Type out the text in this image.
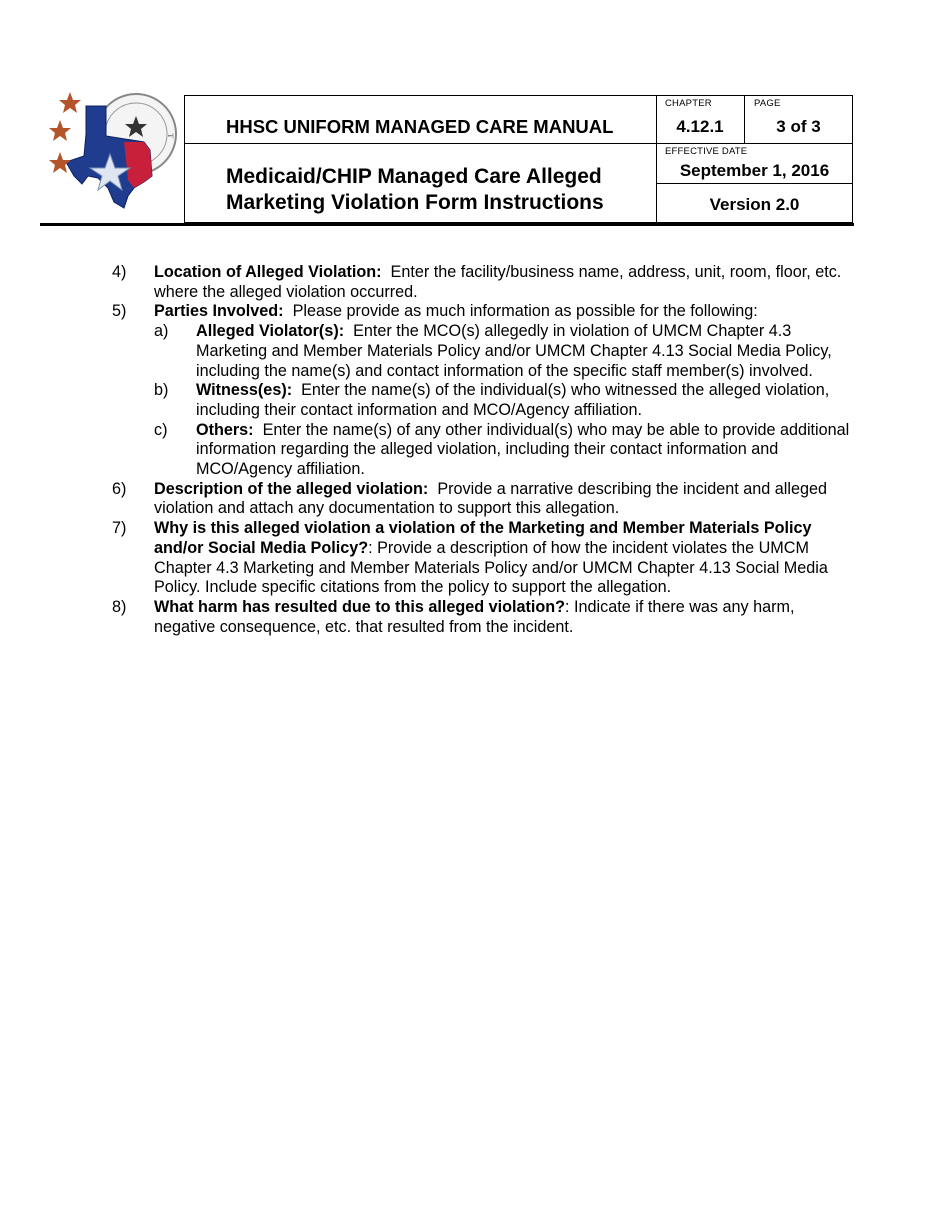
T	HHSC UNIFORM MANAGED CARE MANUAL
Medicaid/CHIP Managed Care Alleged
Marketing Violation Form Instructions
CHAPTER
4.12.1
PAGE
3 of 3
EFFECTIVE DATE
September 1, 2016
Version 2.0
4) Location of Alleged Violation: Enter the facility/business name, address, unit, room, floor, etc. where the alleged violation occurred.
5) Parties Involved: Please provide as much information as possible for the following:
a) Alleged Violator(s): Enter the MCO(s) allegedly in violation of UMCM Chapter 4.3 Marketing and Member Materials Policy and/or UMCM Chapter 4.13 Social Media Policy, including the name(s) and contact information of the specific staff member(s) involved.
b) Witness(es): Enter the name(s) of the individual(s) who witnessed the alleged violation, including their contact information and MCO/Agency affiliation.
c) Others: Enter the name(s) of any other individual(s) who may be able to provide additional information regarding the alleged violation, including their contact information and MCO/Agency affiliation.
6) Description of the alleged violation: Provide a narrative describing the incident and alleged violation and attach any documentation to support this allegation.
7) Why is this alleged violation a violation of the Marketing and Member Materials Policy and/or Social Media Policy?: Provide a description of how the incident violates the UMCM Chapter 4.3 Marketing and Member Materials Policy and/or UMCM Chapter 4.13 Social Media Policy. Include specific citations from the policy to support the allegation.
8) What harm has resulted due to this alleged violation?: Indicate if there was any harm, negative consequence, etc. that resulted from the incident.
